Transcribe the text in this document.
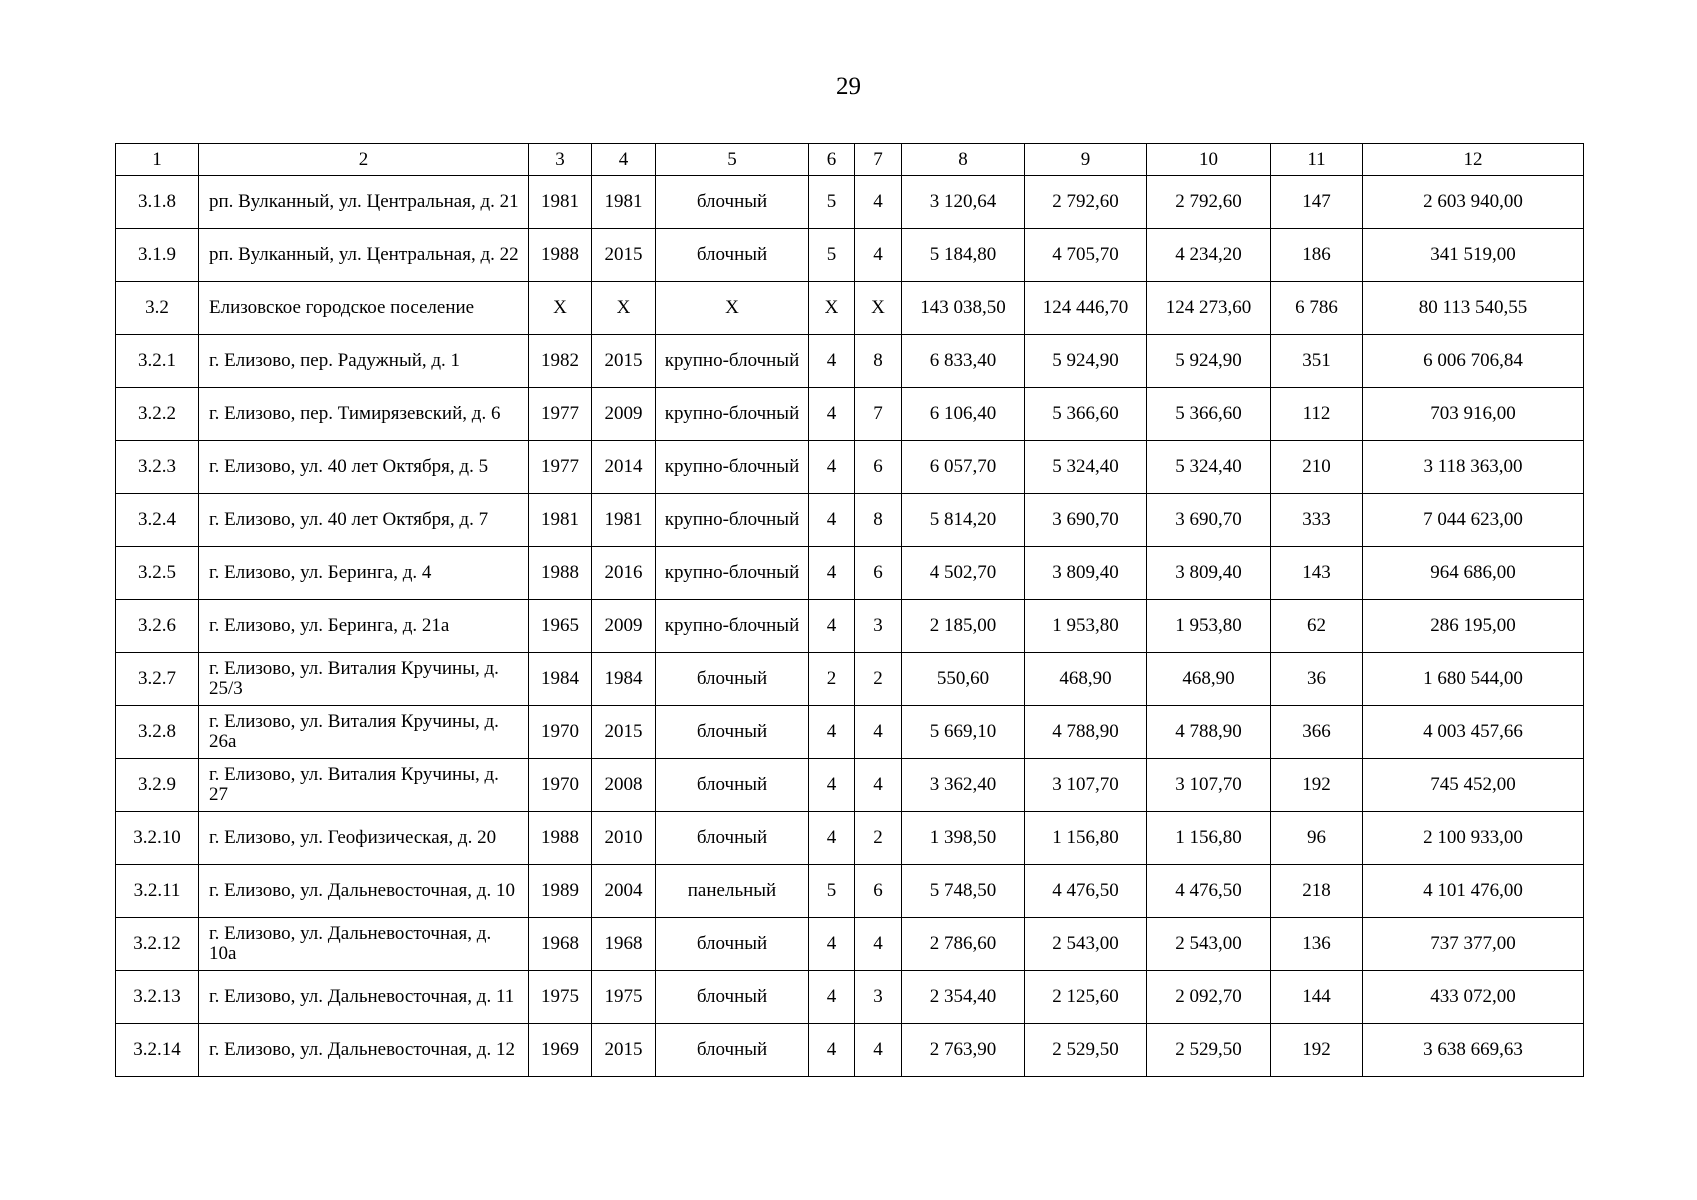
29
1	2	3	4	5	6	7	8	9	10	11	12
3.1.8	рп. Вулканный, ул. Центральная, д. 21	1981	1981	блочный	5	4	3 120,64	2 792,60	2 792,60	147	2 603 940,00
3.1.9	рп. Вулканный, ул. Центральная, д. 22	1988	2015	блочный	5	4	5 184,80	4 705,70	4 234,20	186	341 519,00
3.2	Елизовское городское поселение	Х	Х	Х	Х	Х	143 038,50	124 446,70	124 273,60	6 786	80 113 540,55
3.2.1	г. Елизово, пер. Радужный, д. 1	1982	2015	крупно-блочный	4	8	6 833,40	5 924,90	5 924,90	351	6 006 706,84
3.2.2	г. Елизово, пер. Тимирязевский, д. 6	1977	2009	крупно-блочный	4	7	6 106,40	5 366,60	5 366,60	112	703 916,00
3.2.3	г. Елизово, ул. 40 лет Октября, д. 5	1977	2014	крупно-блочный	4	6	6 057,70	5 324,40	5 324,40	210	3 118 363,00
3.2.4	г. Елизово, ул. 40 лет Октября, д. 7	1981	1981	крупно-блочный	4	8	5 814,20	3 690,70	3 690,70	333	7 044 623,00
3.2.5	г. Елизово, ул. Беринга, д. 4	1988	2016	крупно-блочный	4	6	4 502,70	3 809,40	3 809,40	143	964 686,00
3.2.6	г. Елизово, ул. Беринга, д. 21а	1965	2009	крупно-блочный	4	3	2 185,00	1 953,80	1 953,80	62	286 195,00
3.2.7	г. Елизово, ул. Виталия Кручины, д. 25/3	1984	1984	блочный	2	2	550,60	468,90	468,90	36	1 680 544,00
3.2.8	г. Елизово, ул. Виталия Кручины, д. 26а	1970	2015	блочный	4	4	5 669,10	4 788,90	4 788,90	366	4 003 457,66
3.2.9	г. Елизово, ул. Виталия Кручины, д. 27	1970	2008	блочный	4	4	3 362,40	3 107,70	3 107,70	192	745 452,00
3.2.10	г. Елизово, ул. Геофизическая, д. 20	1988	2010	блочный	4	2	1 398,50	1 156,80	1 156,80	96	2 100 933,00
3.2.11	г. Елизово, ул. Дальневосточная, д. 10	1989	2004	панельный	5	6	5 748,50	4 476,50	4 476,50	218	4 101 476,00
3.2.12	г. Елизово, ул. Дальневосточная, д. 10а	1968	1968	блочный	4	4	2 786,60	2 543,00	2 543,00	136	737 377,00
3.2.13	г. Елизово, ул. Дальневосточная, д. 11	1975	1975	блочный	4	3	2 354,40	2 125,60	2 092,70	144	433 072,00
3.2.14	г. Елизово, ул. Дальневосточная, д. 12	1969	2015	блочный	4	4	2 763,90	2 529,50	2 529,50	192	3 638 669,63
